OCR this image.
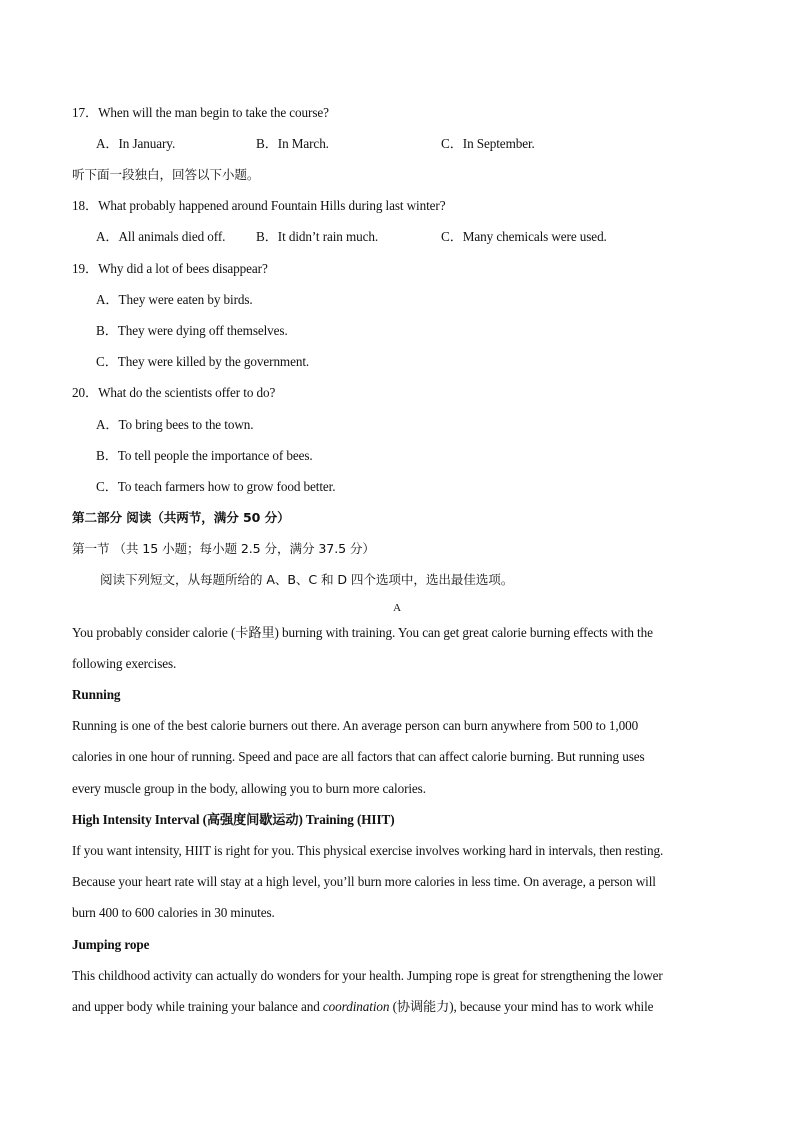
17．When will the man begin to take the course?
A．In January.	B．In March.	C．In September.
听下面一段独白，回答以下小题。
18．What probably happened around Fountain Hills during last winter?
A．All animals died off. B．It didn’t rain much.	C．Many chemicals were used.
19．Why did a lot of bees disappear?
A．They were eaten by birds.
B．They were dying off themselves.
C．They were killed by the government.
20．What do the scientists offer to do?
A．To bring bees to the town.
B．To tell people the importance of bees.
C．To teach farmers how to grow food better.
第二部分 阅读（共两节，满分 50 分）
第一节 （共 15 小题；每小题 2.5 分，满分 37.5 分）
阅读下列短文，从每题所给的 A、B、C 和 D 四个选项中，选出最佳选项。
A
You probably consider calorie (卡路里) burning with training. You can get great calorie burning effects with the
following exercises.
Running
Running is one of the best calorie burners out there. An average person can burn anywhere from 500 to 1,000
calories in one hour of running. Speed and pace are all factors that can affect calorie burning. But running uses
every muscle group in the body, allowing you to burn more calories.
High Intensity Interval (高强度间歇运动) Training (HIIT)
If you want intensity, HIIT is right for you. This physical exercise involves working hard in intervals, then resting.
Because your heart rate will stay at a high level, you’ll burn more calories in less time. On average, a person will
burn 400 to 600 calories in 30 minutes.
Jumping rope
This childhood activity can actually do wonders for your health. Jumping rope is great for strengthening the lower
and upper body while training your balance and coordination (协调能力), because your mind has to work while
